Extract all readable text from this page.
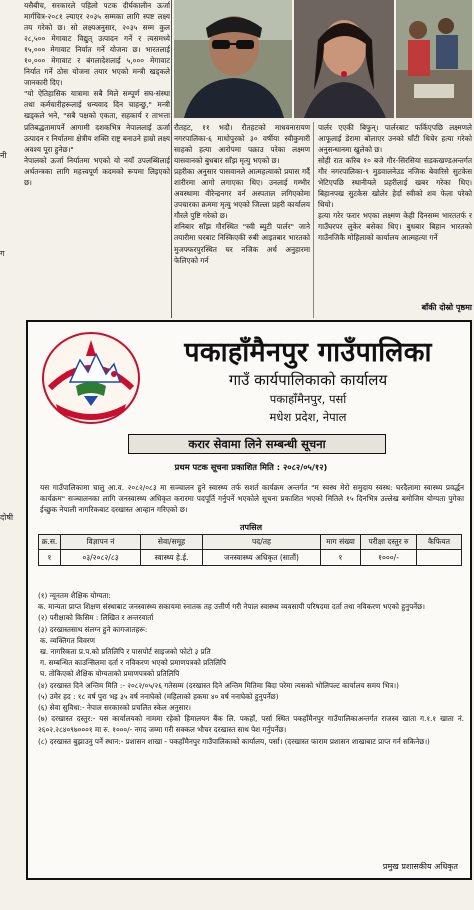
नी
ग
दोषी

यसैबीच, सरकारले पहिलो पटक दीर्घकालीन ऊर्जा मार्गचित्र-२०८१ ल्याएर २०३५ सम्मका लागि स्पष्ट लक्ष्य तय गरेको छ। सो लक्ष्यअनुसार, २०३५ सम्म कुल २८,५०० मेगावाट विद्युत् उत्पादन गर्ने र त्यसमध्ये १५,००० मेगावाट निर्यात गर्ने योजना छ। भारतलाई १०,००० मेगावाट र बंगलादेशलाई ५,००० मेगावाट निर्यात गर्ने ठोस योजना तयार भएको मन्त्री खड्कले जानकारी दिए।

"यो ऐतिहासिक यात्रामा सबै मिले सम्पूर्ण सघ-संस्था तथा कर्मचारीहरूलाई धन्यवाद दिन चाहन्छु," मन्त्री खड्कले भने, "सबै पक्षको एकता, सहकार्य र ताभत्ता प्रतिबद्धतामापर्ने आगामी दशकभित्र नेपाललाई ऊर्जा उत्पादन र निर्यातमा क्षेत्रीय शक्ति राष्ट्र बनाउने हाम्रो लक्ष्य अवश्य पूरा हुनेछ।"

नेपालको ऊर्जा निर्यातमा भएको यो नयाँ उपलब्धिलाई अर्थतन्त्रका लागि महत्त्वपूर्ण कदमको रूपमा लिइएको छ।

रौतहट, ११ भदौ। रौतहटको माधवनारायण नगरपालिका-६ माधोपुरको ३० वर्षीया स्वीकुमारी साहको हत्या आरोपमा पक्राउ परेका लक्ष्मण यासवानको बुधबार साँझ मृत्यु भएको छ।

प्रहरीका अनुसार पासवानले आत्महत्याको प्रयास गर्दै शारीरमा आगो लगाएका थिए। उनलाई गम्भीर अवस्थामा वीरेन्द्रनगर वर्न अस्पताल लगिएकोमा उपचारका क्रममा मृत्यु भएको जिल्ला प्रहरी कार्यालय गौरले पुष्टि गरेको छ।

शनिबार साँझ गौरस्थित "स्वी ब्युटी पार्लर" जाने तयारीमा घरबाट निस्किएकी रुबी आइतबार भारतको मुजफ्फरपुरस्थित घर नजिक अर्ध अनुहारमा फेलिएको गर्न

पार्लर एएकी बिफुन्। पार्लरबाट फर्किएपछि लक्ष्मणले आफूलाई डेरामा बोलाएर उनको घाँटी थिचेर हत्या गरेको अनुसन्धानमा खुलेको छ।

सोही रात करिब १० बजे गौर-सिरसिया सडकखण्डअन्तर्गत गौर नगरपालिका-९ मुडवालनेउड नजिक बेवारिसे सुटकेस भेटिएपछि स्थानीयले प्रहरीलाई खबर गरेका थिए। बिहानपख सुटकेस खोलेर हेर्दा स्वीको शव फेला परेको थियो।

हत्या गरेर फरार भएका लक्ष्मण केही दिनसम्म भारततर्फ र गाउँघरपर लुकेर बसेका थिए। बुधबार बिहान भारतको गाउँनजिकै मोहिलाको कार्यालय आत्महत्या गर्ने

बाँकी दोस्रो पृष्ठमा
पकाहाँमैनपुर गाउँपालिका
गाउँ कार्यपालिकाको कार्यालय
पकाहाँमैनपुर, पर्सा
मधेश प्रदेश, नेपाल
करार सेवामा लिने सम्बन्धी सूचना
प्रथम पटक सूचना प्रकाशित मिति : २०८२/०५/१२)
यस गाउँपालिकामा चालु आ.व. २०८२/०८३ मा सञ्चालन हुने स्वास्थ्य तर्फ सशर्त कार्यक्रम अन्तर्गत "म स्वस्थ मेरो समुदाय स्वस्थ: घरदैलामा स्वास्थ्य प्रवर्द्धन कार्यक्रम" सञ्चालनका लागि जनस्वास्थ्य अधिकृत करारमा पदपूर्ति गर्नुपर्ने भएकोले सूचना प्रकाशित भएको मितिले १५ दिनभित्र उल्लेख बमोजिम योग्यता पुगेका ईच्छुक नेपाली नागरिकबाट दरखास्त आव्हान गरिएको छ।
तपसिल
क्र.स.	विज्ञापन नं	सेवा/समूह	पद/तह	माग संख्या	परीक्षा दस्तुर रु	कैफियत
१	०३/२०८२/८३	स्वास्थ्य हे.ई.	जनस्वास्थ्य अधिकृत (सातौं)	१	१०००/-	
(१) न्यूनतम शैक्षिक योग्यता:
क. मान्यता प्राप्त शिक्षण संस्थाबाट जनस्वास्थ्य सकायमा स्नातक तह उत्तीर्ण गरी नेपाल स्वास्थ्य व्यवसायी परिषदमा दर्ता तथा नविकरण भएको हुनुपर्नेछ।
(२) परीक्षाको किसिम : लिखित र अन्तरवार्ता
(३) दरखास्तसाथ संलग्न हुने कागजातहरू:
क. व्यक्तिगत विवरण
ख. नागरिकता प्र.प.को प्रतिलिपि र पासपोर्ट साइजको फोटो ३ प्रति
ग. सम्बन्धित काउन्सिलमा दर्ता र नविकरण भएको प्रमाणपत्रको प्रतिलिपि
घ. तोकिएको शैक्षिक योग्यताको प्रमाणपत्रको प्रतिलिपि
(४) दरखास्त दिने अन्तिम मिति :- २०८२/०५/२६ गतेसम्म (दरखास्त दिने अन्तिम मितिमा बिदा परेमा त्यसको भोलिपल्ट कार्यालय समय भित्र।)
(५) उमेर हद : १८ वर्ष पुरा भइ ३५ वर्ष ननाघेको (महिलाको हकमा ४० वर्ष ननाघेको हुनुपर्नेछ)
(६) सेवा सुविधा:- नेपाल सरकारको प्रचलित स्केल अनुसार।
(७) दरखास्त दस्तुर:- यस कार्यालयको नाममा रहेको हिमालयन बैंक लि. पकहाँ, पर्सा स्थित पकहाँमैनपुर गाउँपालिकाअन्तर्गत राजस्व खाता ग.१.१ खाता नं. २६०२.२८४०९७०००१ मा रु. १०००/- नगद जम्मा गरी सक्कल भौचर दरखास्त साथ पेश गर्नुपर्नेछ।
(८) दरखास्त बुझाउनु पर्ने स्थान:- प्रशासन शाखा - पकहाँमैनपुर गाउँपालिकाको कार्यालय, पर्सा। (दरखास्त फाराम प्रशासन शाखाबाट प्राप्त गर्न सकिनेछ।)
प्रमुख प्रशासकीय अधिकृत
